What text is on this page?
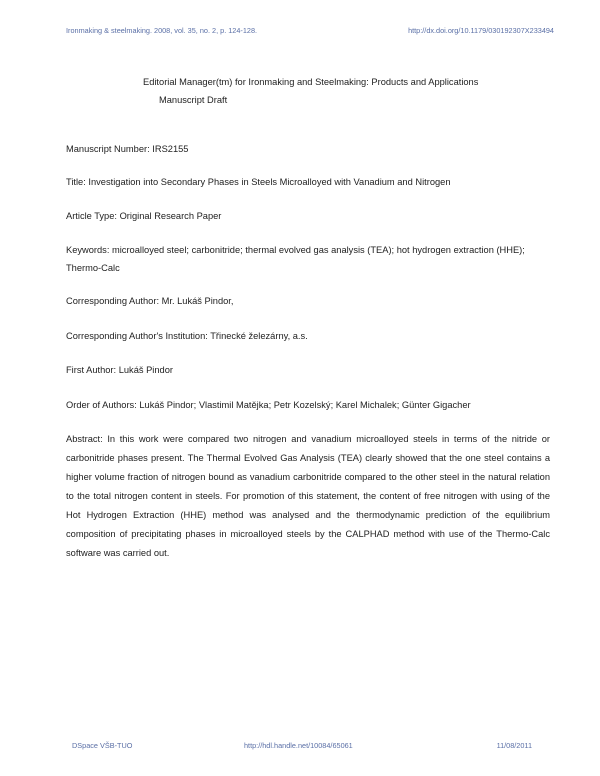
Ironmaking & steelmaking. 2008, vol. 35, no. 2, p. 124-128.	http://dx.doi.org/10.1179/030192307X233494
Editorial Manager(tm) for Ironmaking and Steelmaking: Products and Applications
Manuscript Draft
Manuscript Number: IRS2155
Title: Investigation into Secondary Phases in Steels Microalloyed with Vanadium and Nitrogen
Article Type: Original Research Paper
Keywords: microalloyed steel; carbonitride; thermal evolved gas analysis (TEA); hot hydrogen extraction (HHE); Thermo-Calc
Corresponding Author: Mr. Lukáš Pindor,
Corresponding Author's Institution: Třinecké železárny, a.s.
First Author: Lukáš Pindor
Order of Authors: Lukáš Pindor; Vlastimil Matějka; Petr Kozelský; Karel Michalek; Günter Gigacher
Abstract: In this work were compared two nitrogen and vanadium microalloyed steels in terms of the nitride or carbonitride phases present. The Thermal Evolved Gas Analysis (TEA) clearly showed that the one steel contains a higher volume fraction of nitrogen bound as vanadium carbonitride compared to the other steel in the natural relation to the total nitrogen content in steels. For promotion of this statement, the content of free nitrogen with using of the Hot Hydrogen Extraction (HHE) method was analysed and the thermodynamic prediction of the equilibrium composition of precipitating phases in microalloyed steels by the CALPHAD method with use of the Thermo-Calc software was carried out.
DSpace VŠB-TUO	http://hdl.handle.net/10084/65061	11/08/2011
